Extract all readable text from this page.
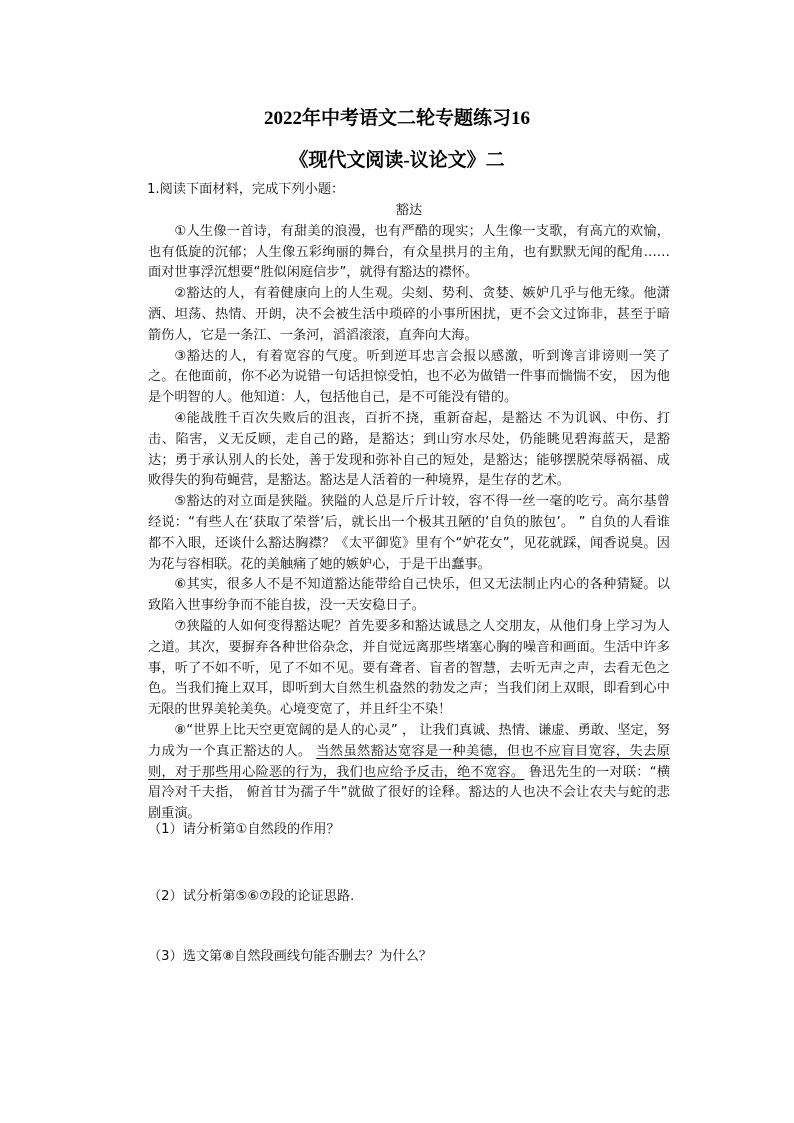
2022年中考语文二轮专题练习16
《现代文阅读-议论文》二
1.阅读下面材料，完成下列小题：
豁达

①人生像一首诗，有甜美的浪漫，也有严酷的现实；人生像一支歌，有高亢的欢愉，也有低旋的沉郁；人生像五彩绚丽的舞台，有众星拱月的主角，也有默默无闻的配角……面对世事浮沉想要“胜似闲庭信步”，就得有豁达的襟怀。

②豁达的人，有着健康向上的人生观。尖刻、势利、贪婪、嫉妒几乎与他无缘。他潇洒、坦荡、热情、开朗，决不会被生活中琐碎的小事所困扰，更不会文过饰非，甚至于暗箭伤人，它是一条江、一条河，滔滔滚滚，直奔向大海。

③豁达的人，有着宽容的气度。听到逆耳忠言会报以感激，听到谗言诽谤则一笑了之。在他面前，你不必为说错一句话担惊受怕，也不必为做错一件事而惴惴不安， 因为他是个明智的人。他知道：人，包括他自己，是不可能没有错的。

④能战胜千百次失败后的沮丧，百折不挠，重新奋起，是豁达 不为讥讽、中伤、打击、陷害，义无反顾，走自己的路，是豁达；到山穷水尽处，仍能眺见碧海蓝天，是豁达；勇于承认别人的长处，善于发现和弥补自己的短处，是豁达；能够摆脱荣辱祸福、成败得失的狗苟蝇营，是豁达。豁达是人活着的一种境界，是生存的艺术。

⑤豁达的对立面是狭隘。狭隘的人总是斤斤计较，容不得一丝一毫的吃亏。高尔基曾经说：“有些人在‘获取了荣誉’后，就长出一个极其丑陋的‘自负的脓包’。 ” 自负的人看谁都不入眼，还谈什么豁达胸襟？《太平御览》里有个“妒花女”，见花就踩，闻香说臭。因为花与容相联。花的美触痛了她的嫉妒心，于是干出蠢事。

⑥其实，很多人不是不知道豁达能带给自己快乐，但又无法制止内心的各种猜疑。以致陷入世事纷争而不能自拔，没一天安稳日子。

⑦狭隘的人如何变得豁达呢？首先要多和豁达诚恳之人交朋友，从他们身上学习为人之道。其次，要摒弃各种世俗杂念，并自觉远离那些堵塞心胸的噪音和画面。生活中许多事，听了不如不听，见了不如不见。要有聋者、盲者的智慧，去听无声之声，去看无色之色。当我们掩上双耳，即听到大自然生机盎然的勃发之声；当我们闭上双眼，即看到心中无限的世界美轮美奂。心境变宽了，并且纤尘不染！

⑧“世界上比天空更宽阔的是人的心灵” ， 让我们真诚、热情、谦虚、勇敢、坚定，努力成为一个真正豁达的人。 当然虽然豁达宽容是一种美德，但也不应盲目宽容，失去原则，对于那些用心险恶的行为，我们也应给予反击，绝不宽容。 鲁迅先生的一对联：“横眉冷对千夫指， 俯首甘为孺子牛”就做了很好的诠释。豁达的人也决不会让农夫与蛇的悲剧重演。

（1）请分析第①自然段的作用？
（2）试分析第⑤⑥⑦段的论证思路.
（3）选文第⑧自然段画线句能否删去？为什么？
